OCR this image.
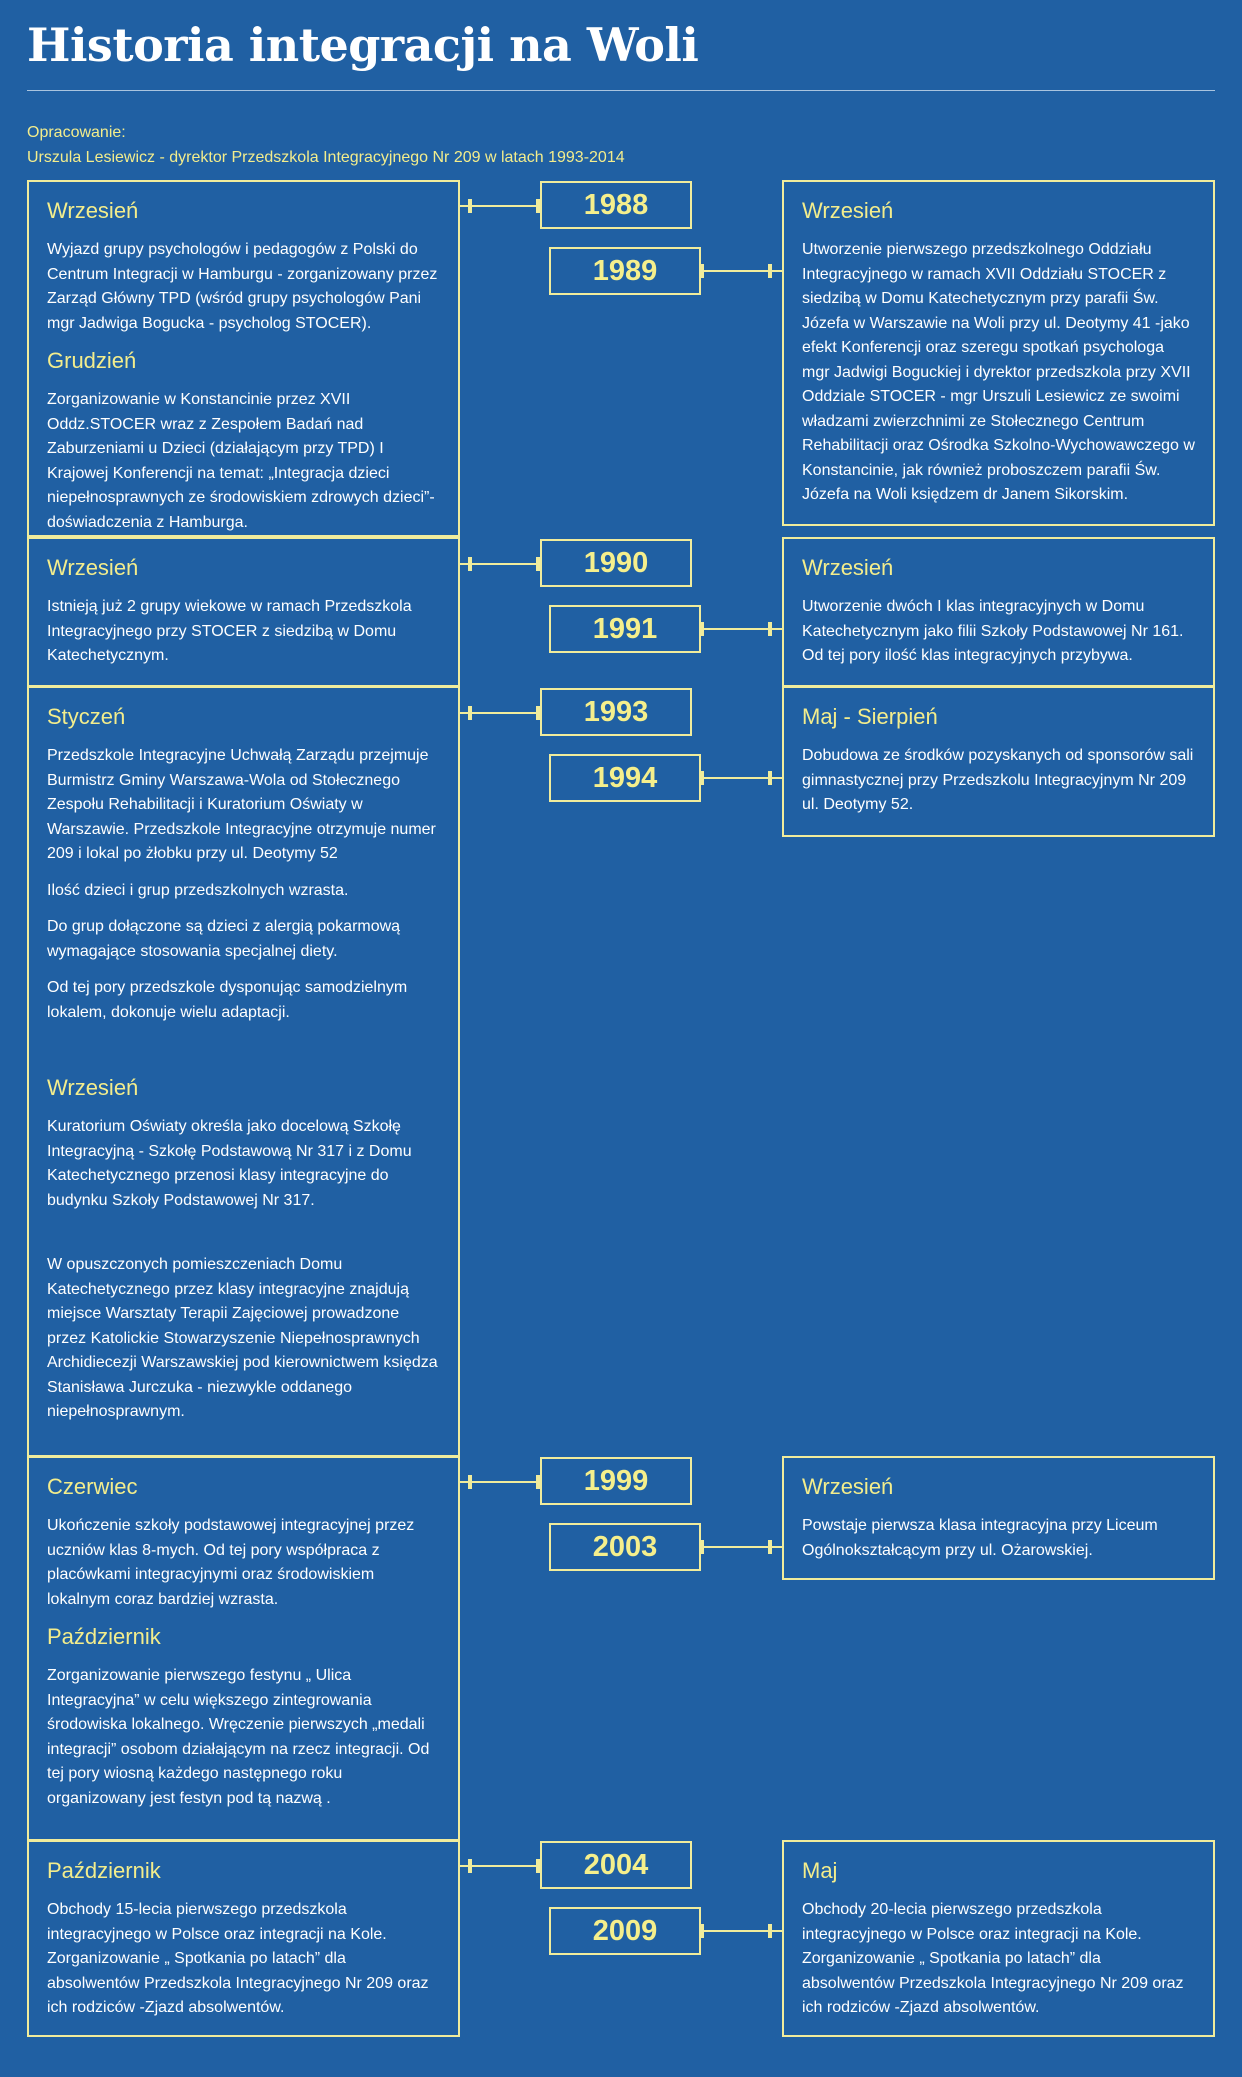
Historia integracji na Woli
Opracowanie:
Urszula Lesiewicz - dyrektor Przedszkola Integracyjnego Nr 209 w latach 1993-2014
Wrzesień

Wyjazd grupy psychologów i pedagogów z Polski do Centrum Integracji w Hamburgu - zorganizowany przez Zarząd Główny TPD (wśród grupy psychologów Pani mgr Jadwiga Bogucka - psycholog STOCER).

Grudzień

Zorganizowanie w Konstancinie przez XVII Oddz.STOCER wraz z Zespołem Badań nad Zaburzeniami u Dzieci (działającym przy TPD) I Krajowej Konferencji na temat: „Integracja dzieci niepełnosprawnych ze środowiskiem zdrowych dzieci”- doświadczenia z Hamburga.

Wrzesień

Utworzenie pierwszego przedszkolnego Oddziału Integracyjnego w ramach XVII Oddziału STOCER z siedzibą w Domu Katechetycznym przy parafii Św. Józefa w Warszawie na Woli przy ul. Deotymy 41 -jako efekt Konferencji oraz szeregu spotkań psychologa mgr Jadwigi Boguckiej i dyrektor przedszkola przy XVII Oddziale STOCER - mgr Urszuli Lesiewicz ze swoimi władzami zwierzchnimi ze Stołecznego Centrum Rehabilitacji oraz Ośrodka Szkolno-Wychowawczego w Konstancinie, jak również proboszczem parafii Św. Józefa na Woli księdzem dr Janem Sikorskim.

Wrzesień

Istnieją już 2 grupy wiekowe w ramach Przedszkola Integracyjnego przy STOCER z siedzibą w Domu Katechetycznym.

Wrzesień

Utworzenie dwóch I klas integracyjnych w Domu Katechetycznym jako filii Szkoły Podstawowej Nr 161. Od tej pory ilość klas integracyjnych przybywa.

Styczeń

Przedszkole Integracyjne Uchwałą Zarządu przejmuje Burmistrz Gminy Warszawa-Wola od Stołecznego Zespołu Rehabilitacji i Kuratorium Oświaty w Warszawie. Przedszkole Integracyjne otrzymuje numer 209 i lokal po żłobku przy ul. Deotymy 52

Ilość dzieci i grup przedszkolnych wzrasta.

Do grup dołączone są dzieci z alergią pokarmową wymagające stosowania specjalnej diety.

Od tej pory przedszkole dysponując samodzielnym lokalem, dokonuje wielu adaptacji.

Wrzesień

Kuratorium Oświaty określa jako docelową Szkołę Integracyjną - Szkołę Podstawową Nr 317 i z Domu Katechetycznego przenosi klasy integracyjne do budynku Szkoły Podstawowej Nr 317.

W opuszczonych pomieszczeniach Domu Katechetycznego przez klasy integracyjne znajdują miejsce Warsztaty Terapii Zajęciowej prowadzone przez Katolickie Stowarzyszenie Niepełnosprawnych Archidiecezji Warszawskiej pod kierownictwem księdza Stanisława Jurczuka - niezwykle oddanego niepełnosprawnym.

Maj - Sierpień

Dobudowa ze środków pozyskanych od sponsorów sali gimnastycznej przy Przedszkolu Integracyjnym Nr 209 ul. Deotymy 52.

Czerwiec

Ukończenie szkoły podstawowej integracyjnej przez uczniów klas 8-mych. Od tej pory współpraca z placówkami integracyjnymi oraz środowiskiem lokalnym coraz bardziej wzrasta.

Październik

Zorganizowanie pierwszego festynu „ Ulica Integracyjna” w celu większego zintegrowania środowiska lokalnego. Wręczenie pierwszych „medali integracji” osobom działającym na rzecz integracji. Od tej pory wiosną każdego następnego roku organizowany jest festyn pod tą nazwą .

Wrzesień

Powstaje pierwsza klasa integracyjna przy Liceum Ogólnokształcącym przy ul. Ożarowskiej.

Październik

Obchody 15-lecia pierwszego przedszkola integracyjnego w Polsce oraz integracji na Kole. Zorganizowanie „ Spotkania po latach” dla absolwentów Przedszkola Integracyjnego Nr 209 oraz ich rodziców -Zjazd absolwentów.

Maj

Obchody 20-lecia pierwszego przedszkola integracyjnego w Polsce oraz integracji na Kole. Zorganizowanie „ Spotkania po latach” dla absolwentów Przedszkola Integracyjnego Nr 209 oraz ich rodziców -Zjazd absolwentów.

1988
1989
1990
1991
1993
1994
1999
2003
2004
2009
